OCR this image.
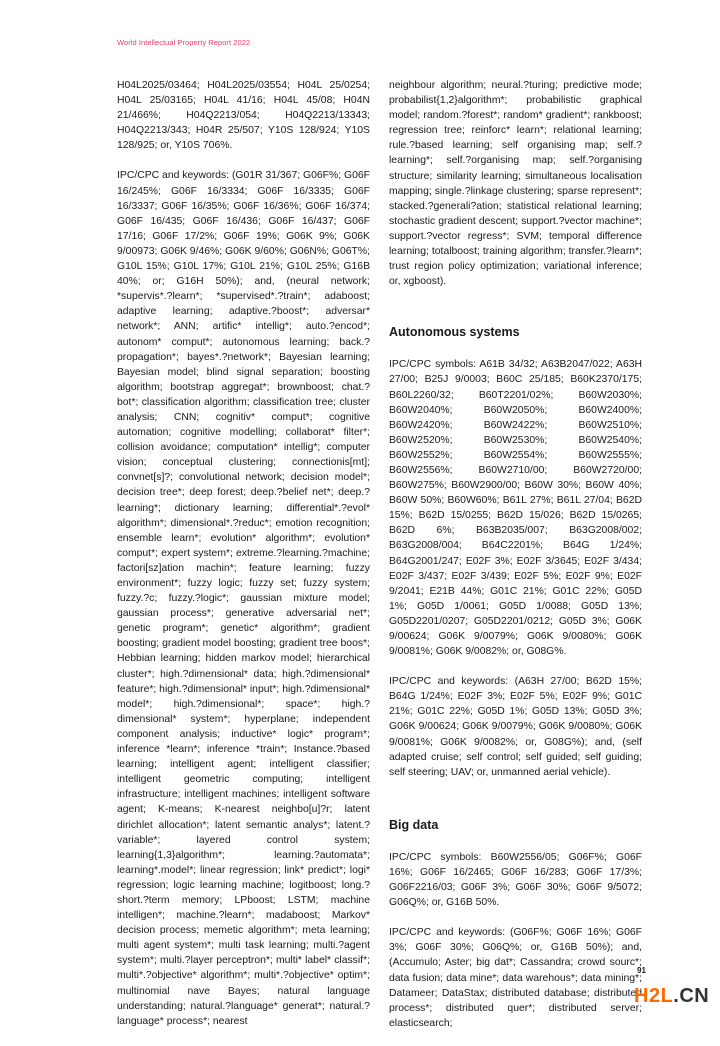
World Intellectual Property Report 2022

H04L2025/03464; H04L2025/03554; H04L 25/0254; H04L 25/03165; H04L 41/16; H04L 45/08; H04N 21/466%; H04Q2213/054; H04Q2213/13343; H04Q2213/343; H04R 25/507; Y10S 128/924; Y10S 128/925; or, Y10S 706%.

IPC/CPC and keywords: (G01R 31/367; G06F%; G06F 16/245%; G06F 16/3334; G06F 16/3335; G06F 16/3337; G06F 16/35%; G06F 16/36%; G06F 16/374; G06F 16/435; G06F 16/436; G06F 16/437; G06F 17/16; G06F 17/2%; G06F 19%; G06K 9%; G06K 9/00973; G06K 9/46%; G06K 9/60%; G06N%; G06T%; G10L 15%; G10L 17%; G10L 21%; G10L 25%; G16B 40%; or; G16H 50%); and, (neural network; *supervis*.?learn*; *supervised*.?train*; adaboost; adaptive learning; adaptive.?boost*; adversar* network*; ANN; artific* intellig*; auto.?encod*; autonom* comput*; autonomous learning; back.?propagation*; bayes*.?network*; Bayesian learning; Bayesian model; blind signal separation; boosting algorithm; bootstrap aggregat*; brownboost; chat.?bot*; classification algorithm; classification tree; cluster analysis; CNN; cognitiv* comput*; cognitive automation; cognitive modelling; collaborat* filter*; collision avoidance; computation* intellig*; computer vision; conceptual clustering; connectionis[mt]; convnet[s]?; convolutional network; decision model*; decision tree*; deep forest; deep.?belief net*; deep.?learning*; dictionary learning; differential*.?evol* algorithm*; dimensional*.?reduc*; emotion recognition; ensemble learn*; evolution* algorithm*; evolution* comput*; expert system*; extreme.?learning.?machine; factori[sz]ation machin*; feature learning; fuzzy environment*; fuzzy logic; fuzzy set; fuzzy system; fuzzy.?c; fuzzy.?logic*; gaussian mixture model; gaussian process*; generative adversarial net*; genetic program*; genetic* algorithm*; gradient boosting; gradient model boosting; gradient tree boos*; Hebbian learning; hidden markov model; hierarchical cluster*; high.?dimensional* data; high.?dimensional* feature*; high.?dimensional* input*; high.?dimensional* model*; high.?dimensional*; space*; high.?dimensional* system*; hyperplane; independent component analysis; inductive* logic* program*; inference *learn*; inference *train*; Instance.?based learning; intelligent agent; intelligent classifier; intelligent geometric computing; intelligent infrastructure; intelligent machines; intelligent software agent; K-means; K-nearest neighbo[u]?r; latent dirichlet allocation*; latent semantic analys*; latent.?variable*; layered control system; learning{1,3}algorithm*; learning.?automata*; learning*.model*; linear regression; link* predict*; logi* regression; logic learning machine; logitboost; long.?short.?term memory; LPboost; LSTM; machine intelligen*; machine.?learn*; madaboost; Markov* decision process; memetic algorithm*; meta learning; multi agent system*; multi task learning; multi.?agent system*; multi.?layer perceptron*; multi* label* classif*; multi*.?objective* algorithm*; multi*.?objective* optim*; multinomial nave Bayes; natural language understanding; natural.?language* generat*; natural.?language* process*; nearest

neighbour algorithm; neural.?turing; predictive mode; probabilist{1,2}algorithm*; probabilistic graphical model; random.?forest*; random* gradient*; rankboost; regression tree; reinforc* learn*; relational learning; rule.?based learning; self organising map; self.?learning*; self.?organising map; self.?organising structure; similarity learning; simultaneous localisation mapping; single.?linkage clustering; sparse represent*; stacked.?generali?ation; statistical relational learning; stochastic gradient descent; support.?vector machine*; support.?vector regress*; SVM; temporal difference learning; totalboost; training algorithm; transfer.?learn*; trust region policy optimization; variational inference; or, xgboost).

Autonomous systems

IPC/CPC symbols: A61B 34/32; A63B2047/022; A63H 27/00; B25J 9/0003; B60C 25/185; B60K2370/175; B60L2260/32; B60T2201/02%; B60W2030%; B60W2040%; B60W2050%; B60W2400%; B60W2420%; B60W2422%; B60W2510%; B60W2520%; B60W2530%; B60W2540%; B60W2552%; B60W2554%; B60W2555%; B60W2556%; B60W2710/00; B60W2720/00; B60W275%; B60W2900/00; B60W 30%; B60W 40%; B60W 50%; B60W60%; B61L 27%; B61L 27/04; B62D 15%; B62D 15/0255; B62D 15/026; B62D 15/0265; B62D 6%; B63B2035/007; B63G2008/002; B63G2008/004; B64C2201%; B64G 1/24%; B64G2001/247; E02F 3%; E02F 3/3645; E02F 3/434; E02F 3/437; E02F 3/439; E02F 5%; E02F 9%; E02F 9/2041; E21B 44%; G01C 21%; G01C 22%; G05D 1%; G05D 1/0061; G05D 1/0088; G05D 13%; G05D2201/0207; G05D2201/0212; G05D 3%; G06K 9/00624; G06K 9/0079%; G06K 9/0080%; G06K 9/0081%; G06K 9/0082%; or, G08G%.

IPC/CPC and keywords: (A63H 27/00; B62D 15%; B64G 1/24%; E02F 3%; E02F 5%; E02F 9%; G01C 21%; G01C 22%; G05D 1%; G05D 13%; G05D 3%; G06K 9/00624; G06K 9/0079%; G06K 9/0080%; G06K 9/0081%; G06K 9/0082%; or, G08G%); and, (self adapted cruise; self control; self guided; self guiding; self steering; UAV; or, unmanned aerial vehicle).

Big data

IPC/CPC symbols: B60W2556/05; G06F%; G06F 16%; G06F 16/2465; G06F 16/283; G06F 17/3%; G06F2216/03; G06F 3%; G06F 30%; G06F 9/5072; G06Q%; or, G16B 50%.

IPC/CPC and keywords: (G06F%; G06F 16%; G06F 3%; G06F 30%; G06Q%; or, G16B 50%); and, (Accumulo; Aster; big dat*; Cassandra; crowd sourc*; data fusion; data mine*; data warehous*; data mining*; Datameer; DataStax; distributed database; distributed process*; distributed quer*; distributed server; elasticsearch;

91
H2L.CN
